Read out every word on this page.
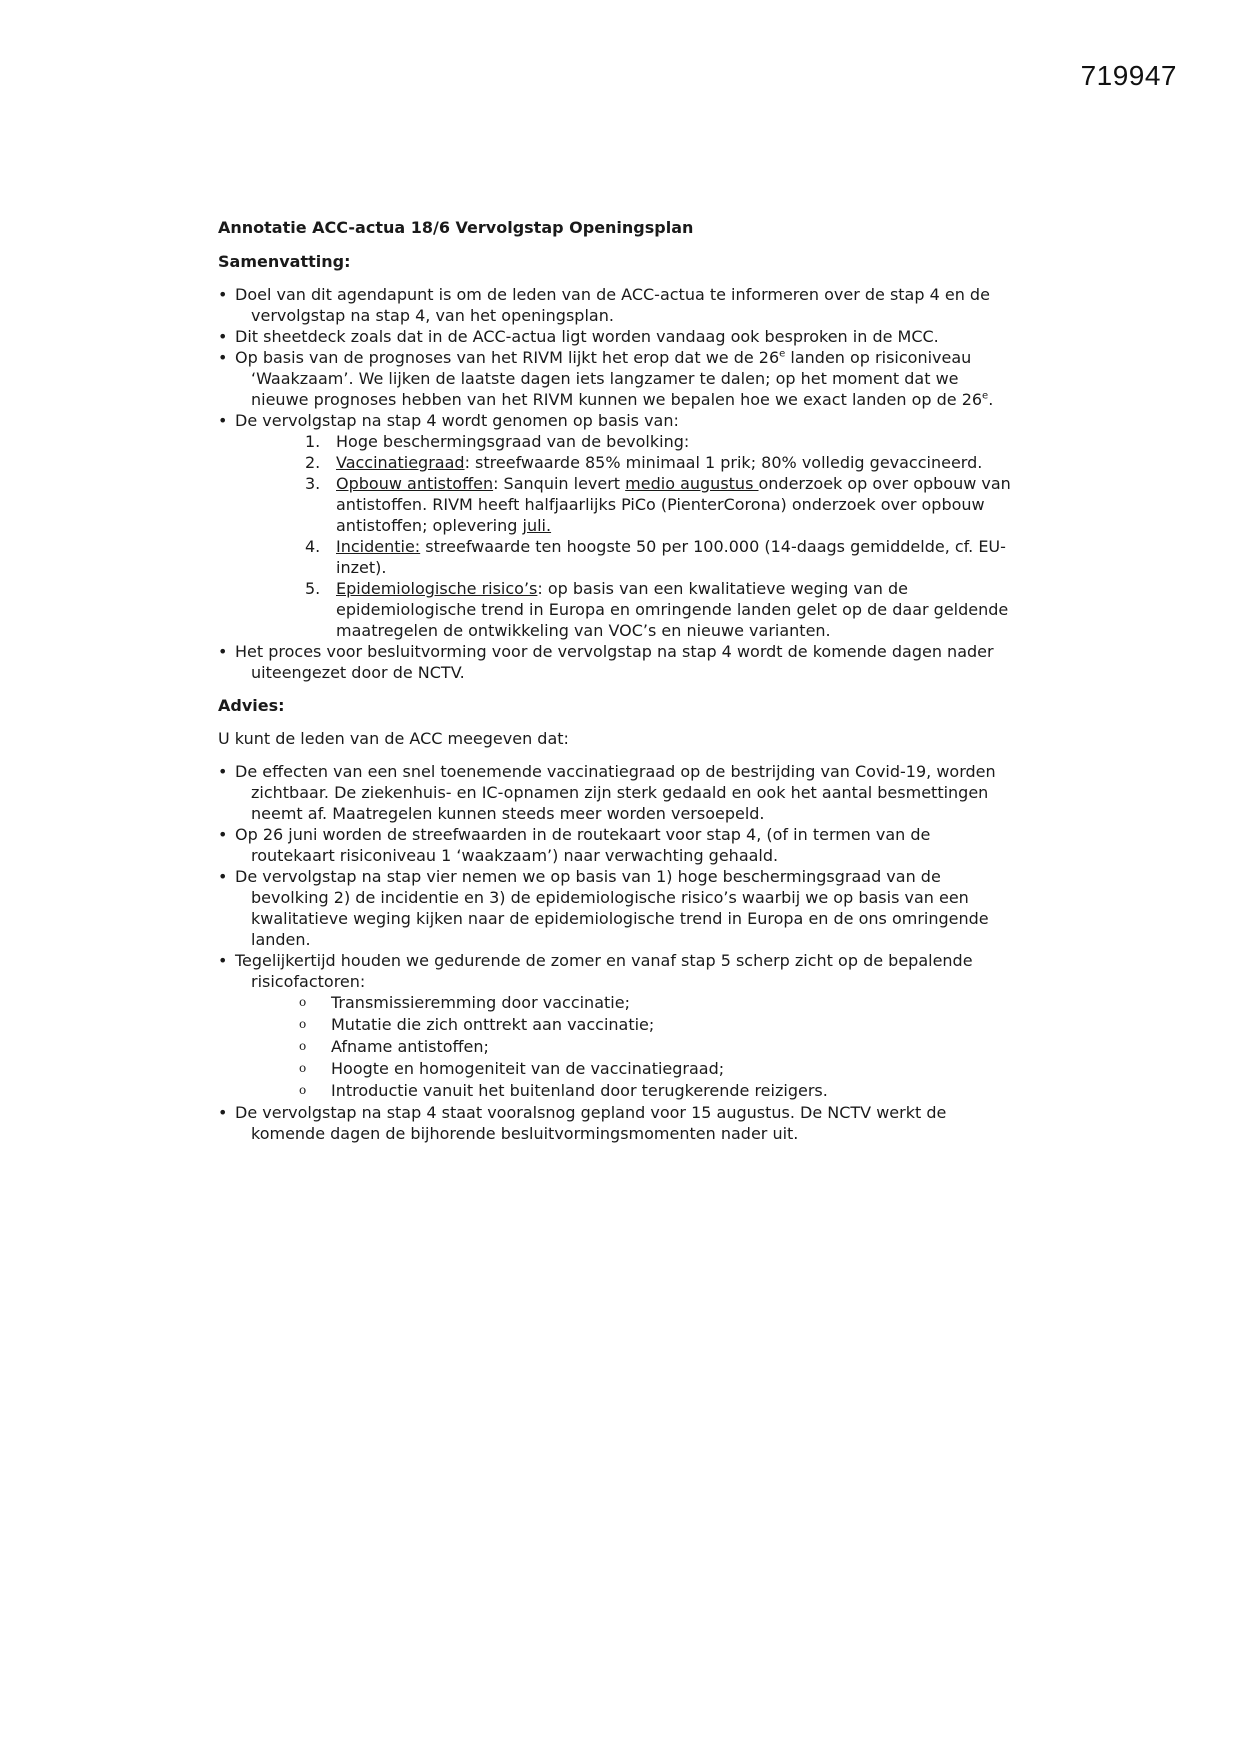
719947

Annotatie ACC-actua 18/6 Vervolgstap Openingsplan

Samenvatting:

• Doel van dit agendapunt is om de leden van de ACC-actua te informeren over de stap 4 en de vervolgstap na stap 4, van het openingsplan.
• Dit sheetdeck zoals dat in de ACC-actua ligt worden vandaag ook besproken in de MCC.
• Op basis van de prognoses van het RIVM lijkt het erop dat we de 26e landen op risiconiveau ‘Waakzaam’. We lijken de laatste dagen iets langzamer te dalen; op het moment dat we nieuwe prognoses hebben van het RIVM kunnen we bepalen hoe we exact landen op de 26e.
• De vervolgstap na stap 4 wordt genomen op basis van:
1. Hoge beschermingsgraad van de bevolking:
2. Vaccinatiegraad: streefwaarde 85% minimaal 1 prik; 80% volledig gevaccineerd.
3. Opbouw antistoffen: Sanquin levert medio augustus onderzoek op over opbouw van antistoffen. RIVM heeft halfjaarlijks PiCo (PienterCorona) onderzoek over opbouw antistoffen; oplevering juli.
4. Incidentie: streefwaarde ten hoogste 50 per 100.000 (14-daags gemiddelde, cf. EU-inzet).
5. Epidemiologische risico’s: op basis van een kwalitatieve weging van de epidemiologische trend in Europa en omringende landen gelet op de daar geldende maatregelen de ontwikkeling van VOC’s en nieuwe varianten.
• Het proces voor besluitvorming voor de vervolgstap na stap 4 wordt de komende dagen nader uiteengezet door de NCTV.

Advies:

U kunt de leden van de ACC meegeven dat:

• De effecten van een snel toenemende vaccinatiegraad op de bestrijding van Covid-19, worden zichtbaar. De ziekenhuis- en IC-opnamen zijn sterk gedaald en ook het aantal besmettingen neemt af. Maatregelen kunnen steeds meer worden versoepeld.
• Op 26 juni worden de streefwaarden in de routekaart voor stap 4, (of in termen van de routekaart risiconiveau 1 ‘waakzaam’) naar verwachting gehaald.
• De vervolgstap na stap vier nemen we op basis van 1) hoge beschermingsgraad van de bevolking 2) de incidentie en 3) de epidemiologische risico’s waarbij we op basis van een kwalitatieve weging kijken naar de epidemiologische trend in Europa en de ons omringende landen.
• Tegelijkertijd houden we gedurende de zomer en vanaf stap 5 scherp zicht op de bepalende risicofactoren:
o Transmissieremming door vaccinatie;
o Mutatie die zich onttrekt aan vaccinatie;
o Afname antistoffen;
o Hoogte en homogeniteit van de vaccinatiegraad;
o Introductie vanuit het buitenland door terugkerende reizigers.
• De vervolgstap na stap 4 staat vooralsnog gepland voor 15 augustus. De NCTV werkt de komende dagen de bijhorende besluitvormingsmomenten nader uit.
